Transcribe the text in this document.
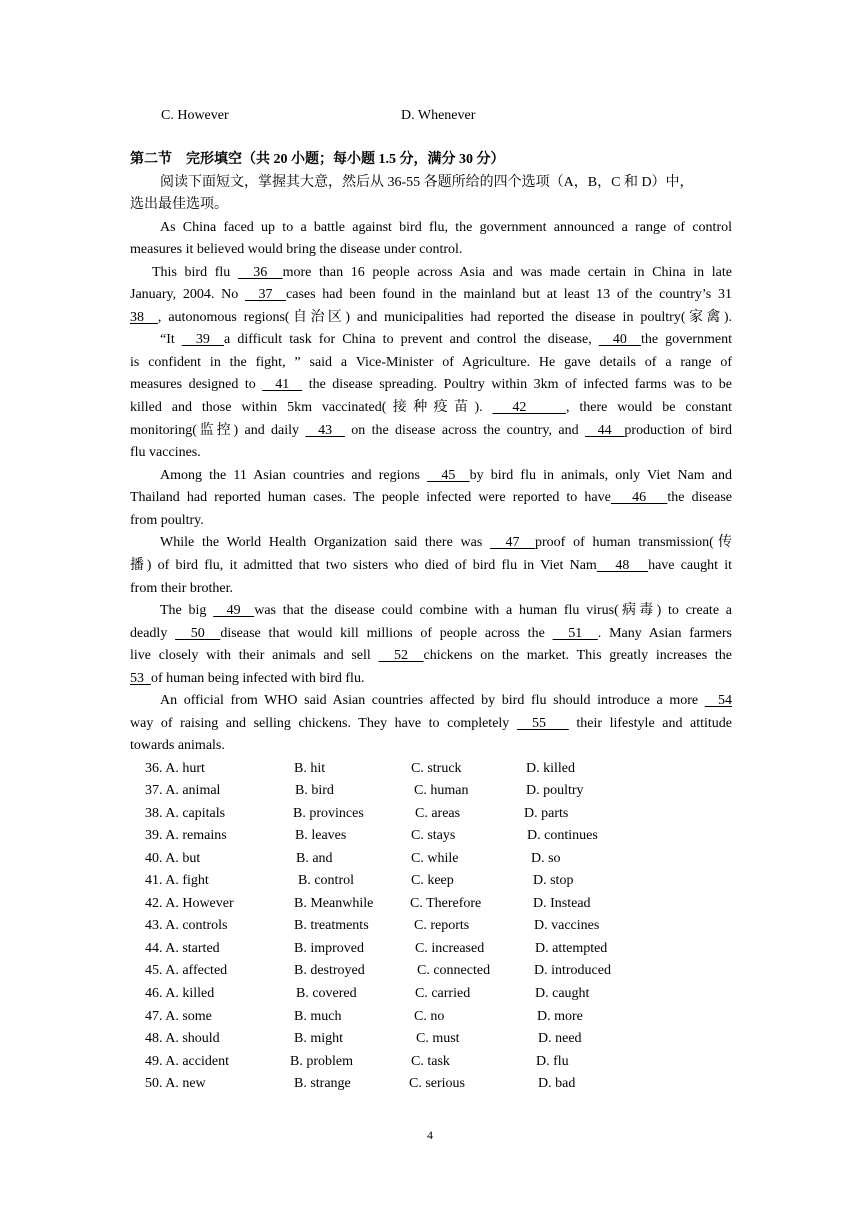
C. However	D. Whenever
第二节　完形填空（共 20 小题；每小题 1.5 分，满分 30 分）
阅读下面短文，掌握其大意，然后从 36-55 各题所给的四个选项（A，B，C 和 D）中，
选出最佳选项。
As China faced up to a battle against bird flu, the government announced a range of control
measures it believed would bring the disease under control.
This bird flu   36  more than 16 people across Asia and was made certain in China in late
January, 2004. No   37  cases had been found in the mainland but at least 13 of the country’s 31
38  , autonomous regions(自治区) and municipalities had reported the disease in poultry(家禽).
“It   39  a difficult task for China to prevent and control the disease,   40  the government
is confident in the fight, ” said a Vice-Minister of Agriculture. He gave details of a range of
measures designed to   41   the disease spreading. Poultry within 3km of infected farms was to be
killed and those within 5km vaccinated(接种疫苗).   42    , there would be constant
monitoring(监控) and daily   43   on the disease across the country, and   44  production of bird
flu vaccines.
Among the 11 Asian countries and regions   45  by bird flu in animals, only Viet Nam and
Thailand had reported human cases. The people infected were reported to have   46   the disease
from poultry.
While the World Health Organization said there was   47  proof of human transmission(传
播) of bird flu, it admitted that two sisters who died of bird flu in Viet Nam   48   have caught it
from their brother.
The big   49  was that the disease could combine with a human flu virus(病毒) to create a
deadly   50  disease that would kill millions of people across the   51  . Many Asian farmers
live closely with their animals and sell   52  chickens on the market. This greatly increases the
53  of human being infected with bird flu.
An official from WHO said Asian countries affected by bird flu should introduce a more   54
way of raising and selling chickens. They have to completely   55    their lifestyle and attitude
towards animals.
36. A. hurt	B. hit	C. struck	D. killed
37. A. animal	B. bird	C. human	D. poultry
38. A. capitals	B. provinces	C. areas	D. parts
39. A. remains	B. leaves	C. stays	D. continues
40. A. but	B. and	C. while	D. so
41. A. fight	B. control	C. keep	D. stop
42. A. However	B. Meanwhile	C. Therefore	D. Instead
43. A. controls	B. treatments	C. reports	D. vaccines
44. A. started	B. improved	C. increased	D. attempted
45. A. affected	B. destroyed	C. connected	D. introduced
46. A. killed	B. covered	C. carried	D. caught
47. A. some	B. much	C. no	D. more
48. A. should	B. might	C. must	D. need
49. A. accident	B. problem	C. task	D. flu
50. A. new	B. strange	C. serious	D. bad
4
